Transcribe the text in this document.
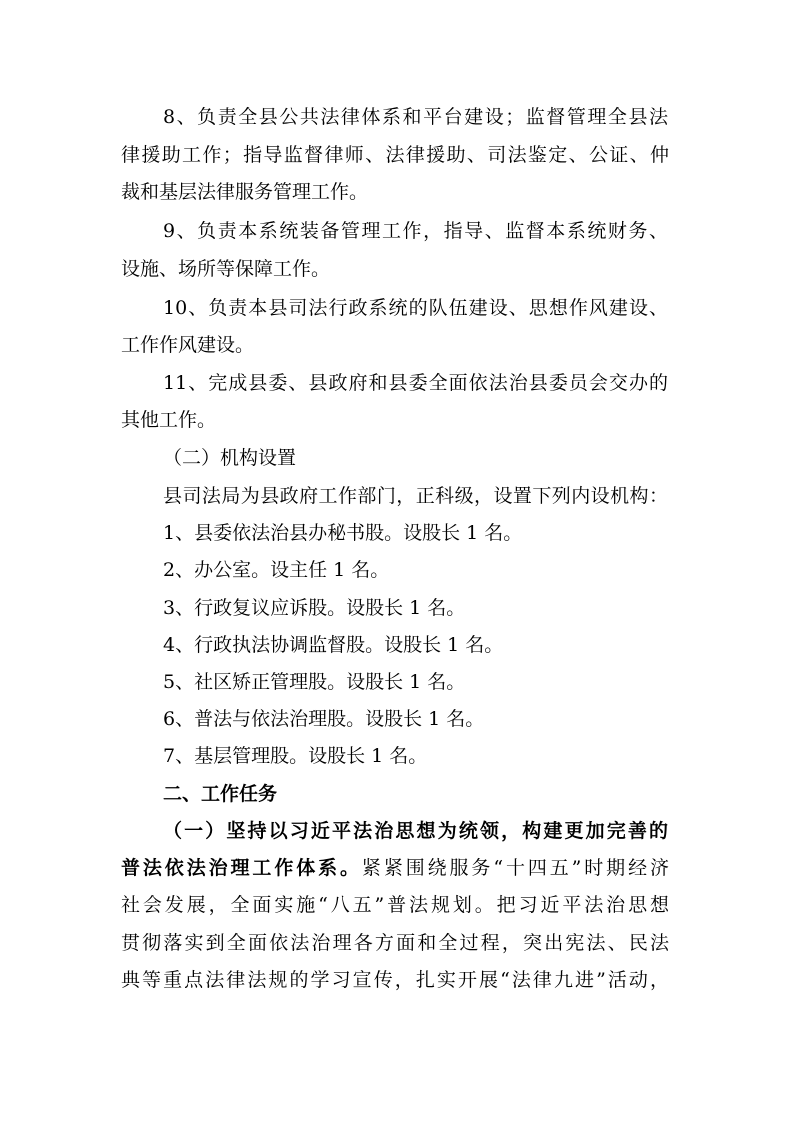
8、负责全县公共法律体系和平台建设；监督管理全县法
律援助工作；指导监督律师、法律援助、司法鉴定、公证、仲
裁和基层法律服务管理工作。
9、负责本系统装备管理工作，指导、监督本系统财务、
设施、场所等保障工作。
10、负责本县司法行政系统的队伍建设、思想作风建设、
工作作风建设。
11、完成县委、县政府和县委全面依法治县委员会交办的
其他工作。
（二）机构设置
县司法局为县政府工作部门，正科级，设置下列内设机构：
1、县委依法治县办秘书股。设股长 1 名。
2、办公室。设主任 1 名。
3、行政复议应诉股。设股长 1 名。
4、行政执法协调监督股。设股长 1 名。
5、社区矫正管理股。设股长 1 名。
6、普法与依法治理股。设股长 1 名。
7、基层管理股。设股长 1 名。
二、工作任务
（一）坚持以习近平法治思想为统领，构建更加完善的
普法依法治理工作体系。紧紧围绕服务“十四五”时期经济
社会发展，全面实施“八五”普法规划。把习近平法治思想
贯彻落实到全面依法治理各方面和全过程，突出宪法、民法
典等重点法律法规的学习宣传，扎实开展“法律九进”活动，
